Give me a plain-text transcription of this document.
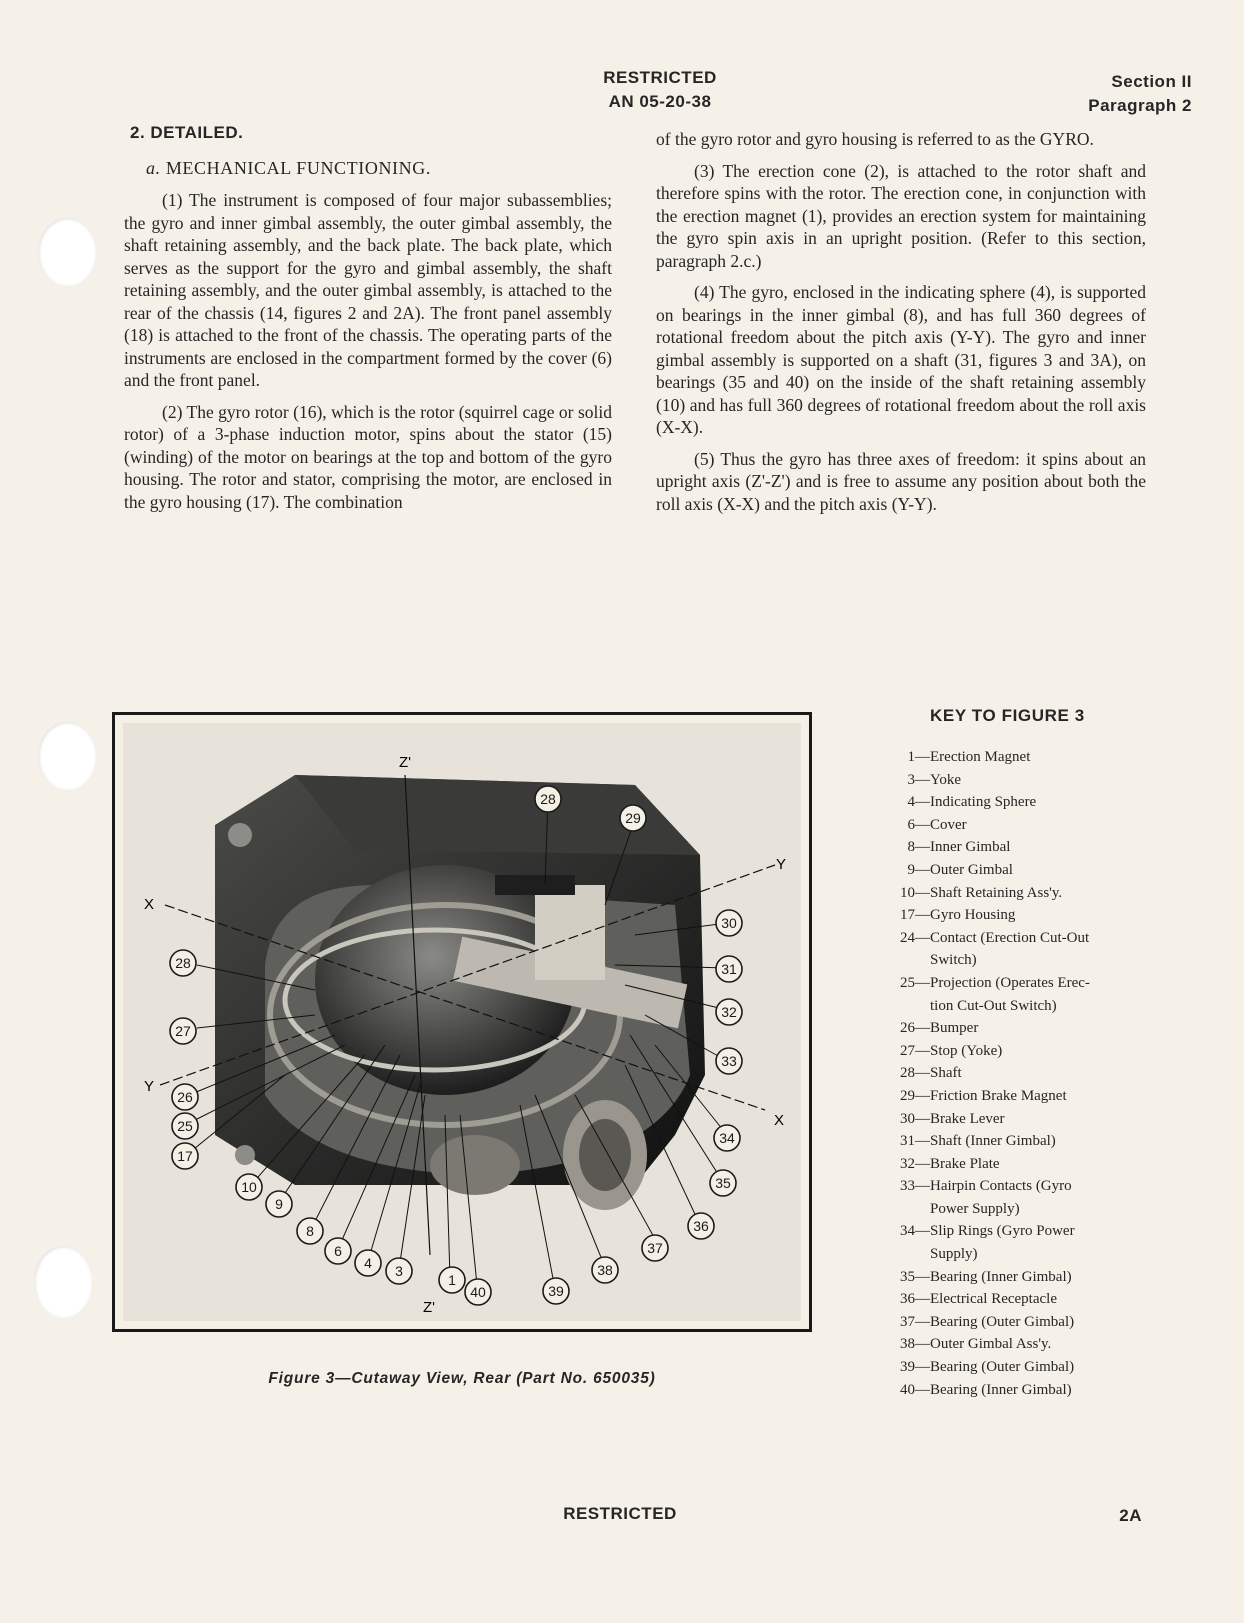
RESTRICTED
AN 05-20-38
Section II
Paragraph 2
2. DETAILED.
a. MECHANICAL FUNCTIONING.

(1) The instrument is composed of four major subassemblies; the gyro and inner gimbal assembly, the outer gimbal assembly, the shaft retaining assembly, and the back plate. The back plate, which serves as the support for the gyro and gimbal assembly, the shaft retaining assembly, and the outer gimbal assembly, is attached to the rear of the chassis (14, figures 2 and 2A). The front panel assembly (18) is attached to the front of the chassis. The operating parts of the instruments are enclosed in the compartment formed by the cover (6) and the front panel.

(2) The gyro rotor (16), which is the rotor (squirrel cage or solid rotor) of a 3-phase induction motor, spins about the stator (15) (winding) of the motor on bearings at the top and bottom of the gyro housing. The rotor and stator, comprising the motor, are enclosed in the gyro housing (17). The combination

of the gyro rotor and gyro housing is referred to as the GYRO.

(3) The erection cone (2), is attached to the rotor shaft and therefore spins with the rotor. The erection cone, in conjunction with the erection magnet (1), provides an erection system for maintaining the gyro spin axis in an upright position. (Refer to this section, paragraph 2.c.)

(4) The gyro, enclosed in the indicating sphere (4), is supported on bearings in the inner gimbal (8), and has full 360 degrees of rotational freedom about the pitch axis (Y-Y). The gyro and inner gimbal assembly is supported on a shaft (31, figures 3 and 3A), on bearings (35 and 40) on the inside of the shaft retaining assembly (10) and has full 360 degrees of rotational freedom about the roll axis (X-X).

(5) Thus the gyro has three axes of freedom: it spins about an upright axis (Z'-Z') and is free to assume any position about both the roll axis (X-X) and the pitch axis (Y-Y).

Z'
Z'
X
X
Y
Y
28
27
26
25
17
10
9
8
6
4 3
1
40	39
38
37
36
35
34
33
32
31
30
29
28
Figure 3—Cutaway View, Rear (Part No. 650035)
KEY TO FIGURE 3
1— Erection Magnet
3— Yoke
4— Indicating Sphere
6— Cover
8— Inner Gimbal
9— Outer Gimbal
10— Shaft Retaining Ass'y.
17— Gyro Housing
24— Contact (Erection Cut-Out
Switch)
25— Projection (Operates Erec-
tion Cut-Out Switch)
26— Bumper
27— Stop (Yoke)
28— Shaft
29— Friction Brake Magnet
30— Brake Lever
31— Shaft (Inner Gimbal)
32— Brake Plate
33— Hairpin Contacts (Gyro
Power Supply)
34— Slip Rings (Gyro Power
Supply)
35— Bearing (Inner Gimbal)
36— Electrical Receptacle
37— Bearing (Outer Gimbal)
38— Outer Gimbal Ass'y.
39— Bearing (Outer Gimbal)
40— Bearing (Inner Gimbal)
RESTRICTED	2A
